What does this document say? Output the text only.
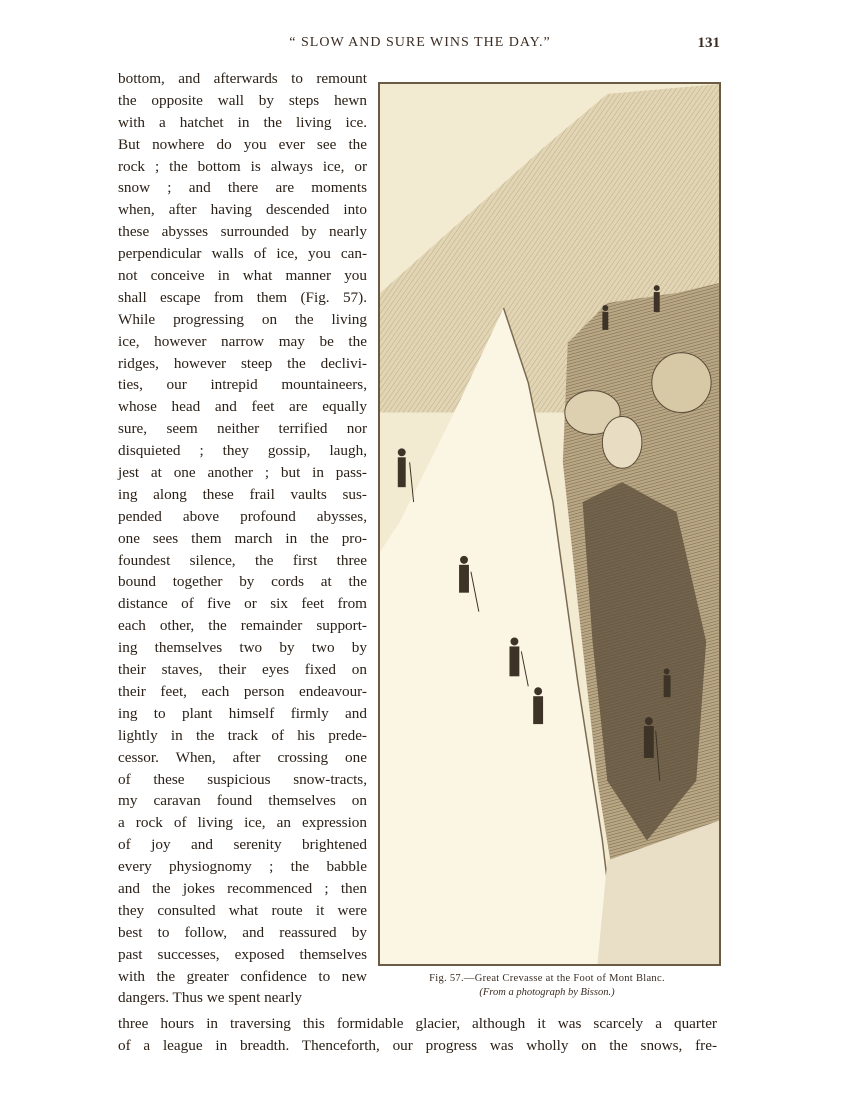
“ SLOW AND SURE WINS THE DAY.”	131
bottom, and afterwards to remount
the opposite wall by steps hewn
with a hatchet in the living ice.
But nowhere do you ever see the
rock ; the bottom is always ice, or
snow ; and there are moments
when, after having descended into
these abysses surrounded by nearly
perpendicular walls of ice, you can-
not conceive in what manner you
shall escape from them (Fig. 57).
While progressing on the living
ice, however narrow may be the
ridges, however steep the declivi-
ties, our intrepid mountaineers,
whose head and feet are equally
sure, seem neither terrified nor
disquieted ; they gossip, laugh,
jest at one another ; but in pass-
ing along these frail vaults sus-
pended above profound abysses,
one sees them march in the pro-
foundest silence, the first three
bound together by cords at the
distance of five or six feet from
each other, the remainder support-
ing themselves two by two by
their staves, their eyes fixed on
their feet, each person endeavour-
ing to plant himself firmly and
lightly in the track of his prede-
cessor. When, after crossing one
of these suspicious snow-tracts,
my caravan found themselves on
a rock of living ice, an expression
of joy and serenity brightened
every physiognomy ; the babble
and the jokes recommenced ; then
they consulted what route it were
best to follow, and reassured by
past successes, exposed themselves
with the greater confidence to new
dangers. Thus we spent nearly
Fig. 57.—Great Crevasse at the Foot of Mont Blanc.
(From a photograph by Bisson.)
three hours in traversing this formidable glacier, although it was scarcely a quarter
of a league in breadth. Thenceforth, our progress was wholly on the snows, fre-
